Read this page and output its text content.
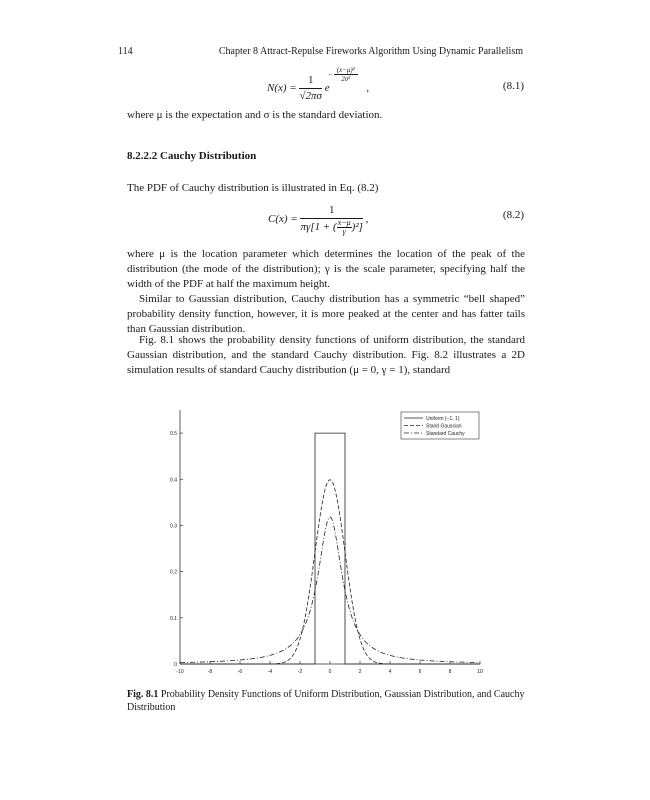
114	Chapter 8 Attract-Repulse Fireworks Algorithm Using Dynamic Parallelism
$N(x) = \frac{1}{√2\pi\sigma}$ e
−
(x−μ)²
2σ²
,	(8.1)
where μ is the expectation and σ is the standard deviation.
8.2.2.2 Cauchy Distribution
The PDF of Cauchy distribution is illustrated in Eq. (8.2)
$C(x) = \frac{1}{\pi\gamma[1 + ( \frac{x-\mu}{\gamma} )^2]}$ ,	(8.2)
where μ is the location parameter which determines the location of the peak of the distribution (the mode of the distribution); γ is the scale parameter, specifying half the width of the PDF at half the maximum height.
Similar to Gaussian distribution, Cauchy distribution has a symmetric “bell shaped” probability density function, however, it is more peaked at the center and has fatter tails than Gaussian distribution.
Fig. 8.1 shows the probability density functions of uniform distribution, the standard Gaussian distribution, and the standard Cauchy distribution. Fig. 8.2 illustrates a 2D simulation results of standard Cauchy distribution (μ = 0, γ = 1), standard
-10	-8	-6	-4	-2	0	2	4	6	8	10
0
0.1
0.2
0.3
0.4
0.5
Uniform (−1, 1)
Stand Gaussian
Standard Cauchy
Fig. 8.1 Probability Density Functions of Uniform Distribution, Gaussian Distribution, and Cauchy Distribution
